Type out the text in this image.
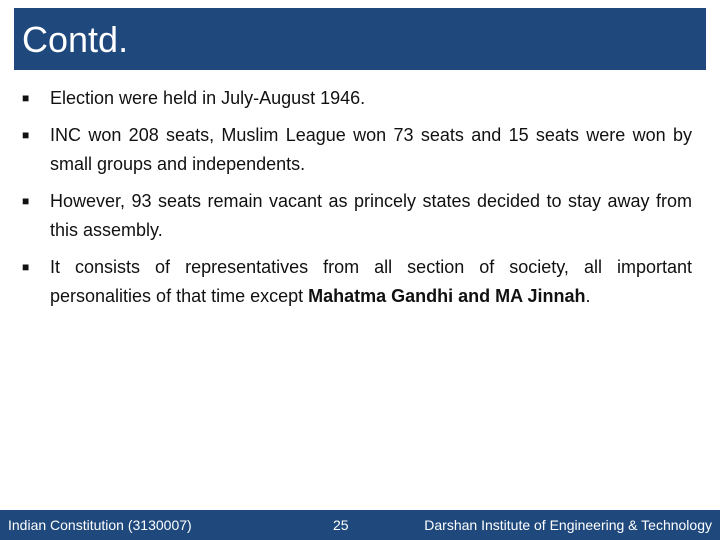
Contd.
■ Election were held in July-August 1946.
■ INC won 208 seats, Muslim League won 73 seats and 15 seats were won by small groups and independents.
■ However, 93 seats remain vacant as princely states decided to stay away from this assembly.
■ It consists of representatives from all section of society, all important personalities of that time except Mahatma Gandhi and MA Jinnah.
Indian Constitution (3130007)	25	Darshan Institute of Engineering & Technology
